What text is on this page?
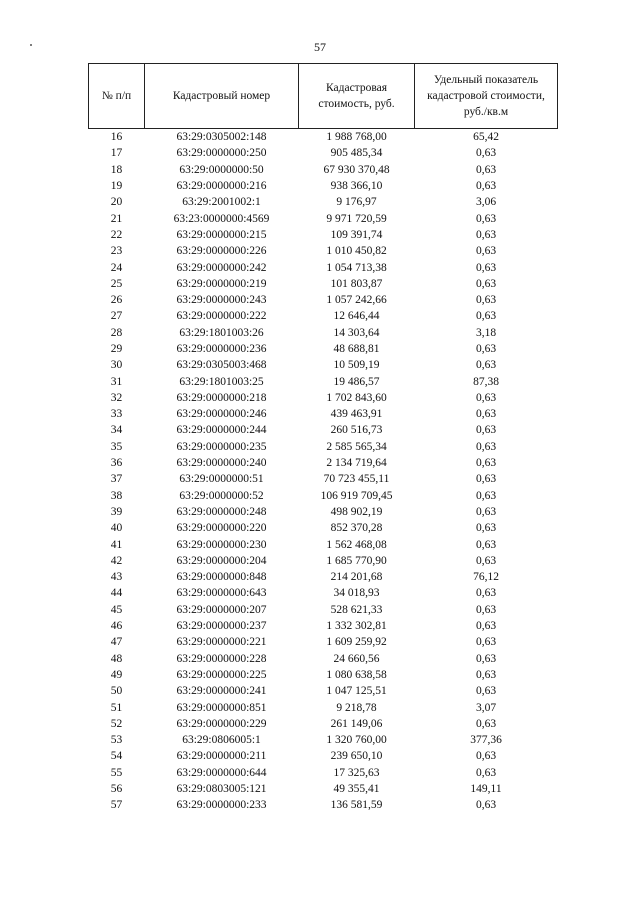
57
№ п/п	Кадастровый номер	Кадастровая стоимость, руб.	Удельный показатель кадастровой стоимости, руб./кв.м
16	63:29:0305002:148	1 988 768,00	65,42
17	63:29:0000000:250	905 485,34	0,63
18	63:29:0000000:50	67 930 370,48	0,63
19	63:29:0000000:216	938 366,10	0,63
20	63:29:2001002:1	9 176,97	3,06
21	63:23:0000000:4569	9 971 720,59	0,63
22	63:29:0000000:215	109 391,74	0,63
23	63:29:0000000:226	1 010 450,82	0,63
24	63:29:0000000:242	1 054 713,38	0,63
25	63:29:0000000:219	101 803,87	0,63
26	63:29:0000000:243	1 057 242,66	0,63
27	63:29:0000000:222	12 646,44	0,63
28	63:29:1801003:26	14 303,64	3,18
29	63:29:0000000:236	48 688,81	0,63
30	63:29:0305003:468	10 509,19	0,63
31	63:29:1801003:25	19 486,57	87,38
32	63:29:0000000:218	1 702 843,60	0,63
33	63:29:0000000:246	439 463,91	0,63
34	63:29:0000000:244	260 516,73	0,63
35	63:29:0000000:235	2 585 565,34	0,63
36	63:29:0000000:240	2 134 719,64	0,63
37	63:29:0000000:51	70 723 455,11	0,63
38	63:29:0000000:52	106 919 709,45	0,63
39	63:29:0000000:248	498 902,19	0,63
40	63:29:0000000:220	852 370,28	0,63
41	63:29:0000000:230	1 562 468,08	0,63
42	63:29:0000000:204	1 685 770,90	0,63
43	63:29:0000000:848	214 201,68	76,12
44	63:29:0000000:643	34 018,93	0,63
45	63:29:0000000:207	528 621,33	0,63
46	63:29:0000000:237	1 332 302,81	0,63
47	63:29:0000000:221	1 609 259,92	0,63
48	63:29:0000000:228	24 660,56	0,63
49	63:29:0000000:225	1 080 638,58	0,63
50	63:29:0000000:241	1 047 125,51	0,63
51	63:29:0000000:851	9 218,78	3,07
52	63:29:0000000:229	261 149,06	0,63
53	63:29:0806005:1	1 320 760,00	377,36
54	63:29:0000000:211	239 650,10	0,63
55	63:29:0000000:644	17 325,63	0,63
56	63:29:0803005:121	49 355,41	149,11
57	63:29:0000000:233	136 581,59	0,63
